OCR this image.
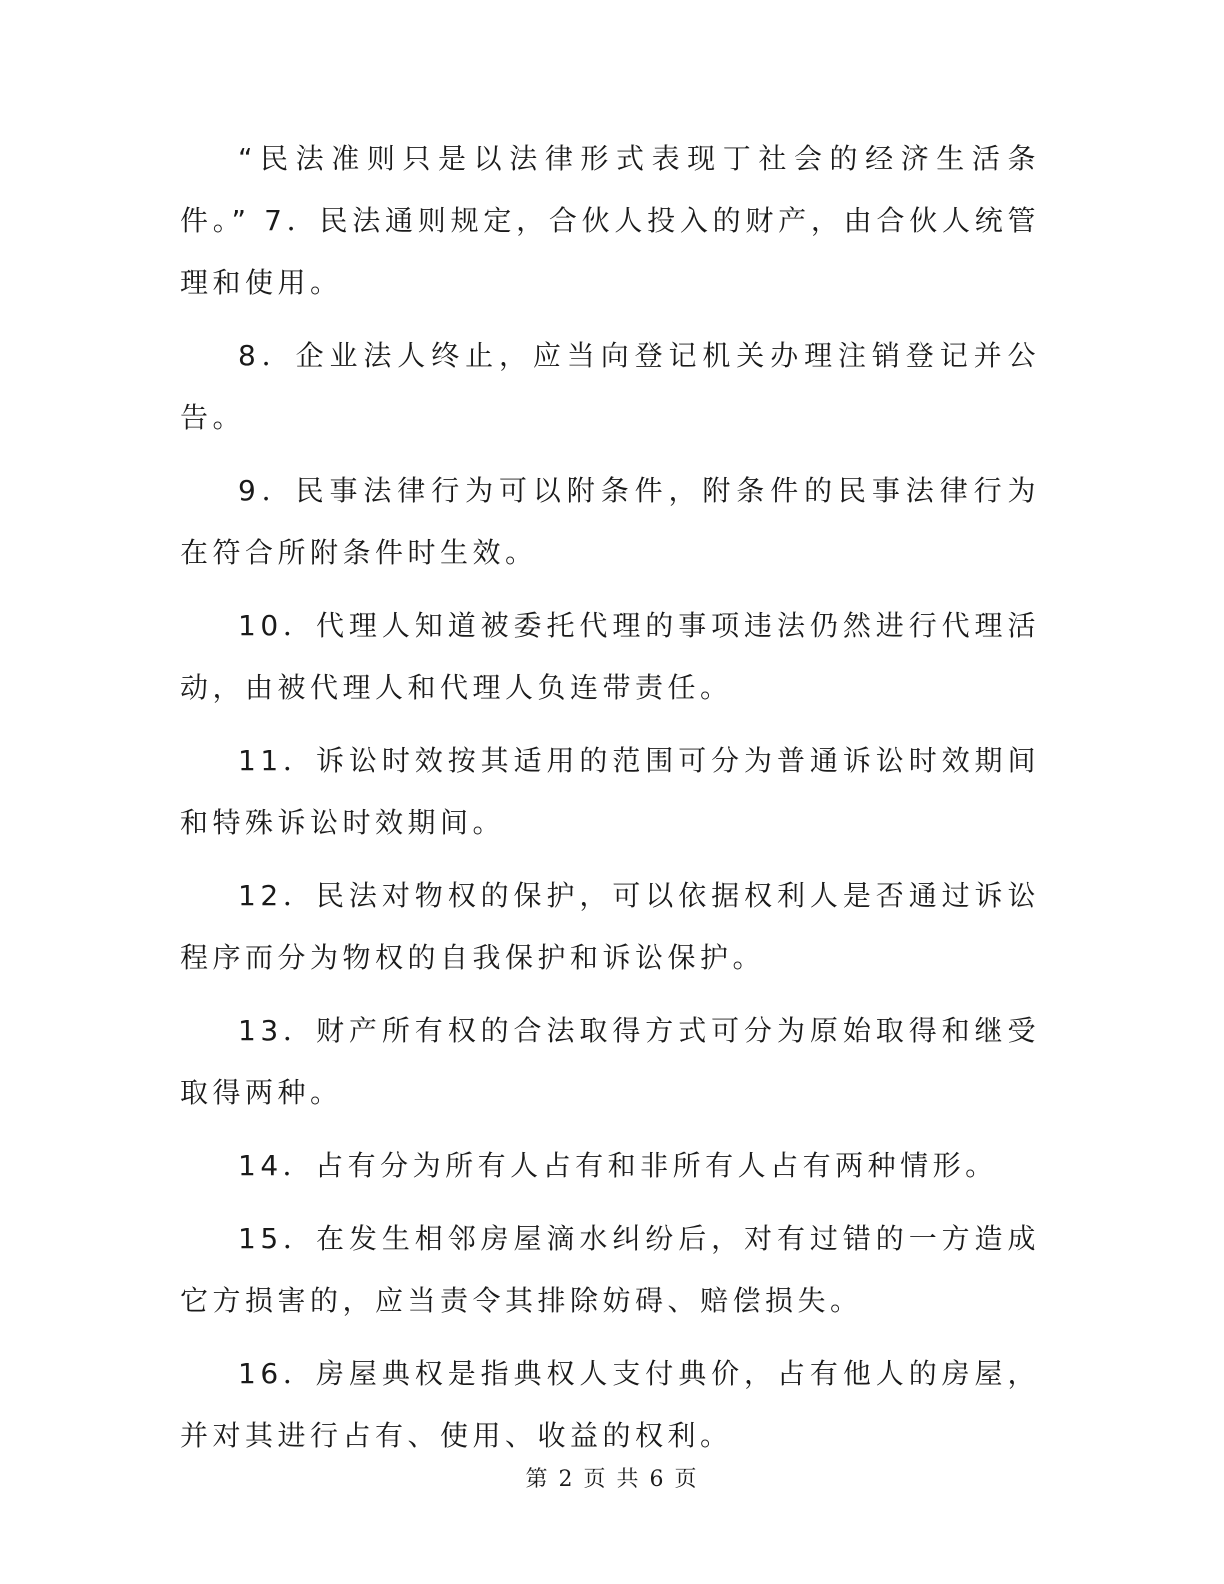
“民法准则只是以法律形式表现丁社会的经济生活条件。” 7．民法通则规定，合伙人投入的财产，由合伙人统管理和使用。

8．企业法人终止，应当向登记机关办理注销登记并公告。

9．民事法律行为可以附条件，附条件的民事法律行为在符合所附条件时生效。

10．代理人知道被委托代理的事项违法仍然进行代理活动，由被代理人和代理人负连带责任。

11．诉讼时效按其适用的范围可分为普通诉讼时效期间和特殊诉讼时效期间。

12．民法对物权的保护，可以依据权利人是否通过诉讼程序而分为物权的自我保护和诉讼保护。

13．财产所有权的合法取得方式可分为原始取得和继受取得两种。

14．占有分为所有人占有和非所有人占有两种情形。

15．在发生相邻房屋滴水纠纷后，对有过错的一方造成它方损害的，应当责令其排除妨碍、赔偿损失。

16．房屋典权是指典权人支付典价，占有他人的房屋，并对其进行占有、使用、收益的权利。

第 2 页 共 6 页
